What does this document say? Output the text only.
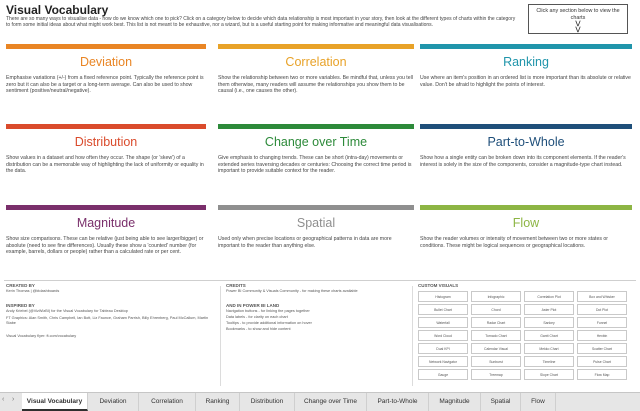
Visual Vocabulary
There are so many ways to visualise data - how do we know which one to pick? Click on a category below to decide which data relationship is most important in your story, then look at the different types of charts within the category to form some initial ideas about what might work best. This list is not meant to be exhaustive, nor a wizard, but is a useful starting point for making informative and meaningful data visualisations.
Click any section below to view the charts
⋁
⋁
Deviation
Emphasise variations (+/-) from a fixed reference point. Typically the reference point is zero but it can also be a target or a long-term average. Can also be used to show sentiment (positive/neutral/negative).
Correlation
Show the relationship between two or more variables. Be mindful that, unless you tell them otherwise, many readers will assume the relationships you show them to be causal (i.e., one causes the other).
Ranking
Use where an item's position in an ordered list is more important than its absolute or relative value. Don't be afraid to highlight the points of interest.
Distribution
Show values in a dataset and how often they occur. The shape (or 'skew') of a distribution can be a memorable way of highlighting the lack of uniformity or equality in the data.
Change over Time
Give emphasis to changing trends. These can be short (intra-day) movements or extended series traversing decades or centuries: Choosing the correct time period is important to provide suitable context for the reader.
Part-to-Whole
Show how a single entity can be broken down into its component elements. If the reader's interest is solely in the size of the components, consider a magnitude-type chart instead.
Magnitude
Show size comparisons. These can be relative (just being able to see larger/bigger) or absolute (need to see fine differences). Usually these show a 'counted' number (for example, barrels, dollars or people) rather than a calculated rate or per cent.
Spatial
Used only when precise locations or geographical patterns in data are more important to the reader than anything else.
Flow
Show the reader volumes or intensity of movement between two or more states or conditions. These might be logical sequences or geographical locations.
CREATED BY
Kerin Thomas | @ktdashboards
INSPIRED BY
Andy Kriebel (@VizWizBI) for the Visual Vocabulary for Tableau Desktop
FT Graphics: Alan Smith, Chris Campbell, Ian Bott, Liz Faunce, Graham Parrish, Billy Ehrenberg, Paul McCallum, Martin Stabe
Visual Vocabulary flyer: ft.com/vocabulary
CREDITS
Power BI Community & Visuals Community - for making these charts available
AND IN POWER BI LAND
Navigation buttons - for linking the pages together
Data labels - for clarity on each chart
Tooltips - to provide additional information on hover
Bookmarks - to show and hide content
CUSTOM VISUALS
Histogram	Infographic	Correlation Plot	Box and Whisker
Bullet Chart	Chord	Aster Plot	Dot Plot
Waterfall	Radar Chart	Sankey	Funnel
Word Cloud	Tornado Chart	Gantt Chart	Hexbin
Dual KPI	Calendar Visual	Mekko Chart	Scatter Chart
Network Navigator	Sunburst	Timeline	Pulse Chart
Gauge	Treemap	Slope Chart	Flow Map
‹ ›	Visual Vocabulary	Deviation	Correlation	Ranking	Distribution	Change over Time	Part-to-Whole	Magnitude	Spatial	Flow
